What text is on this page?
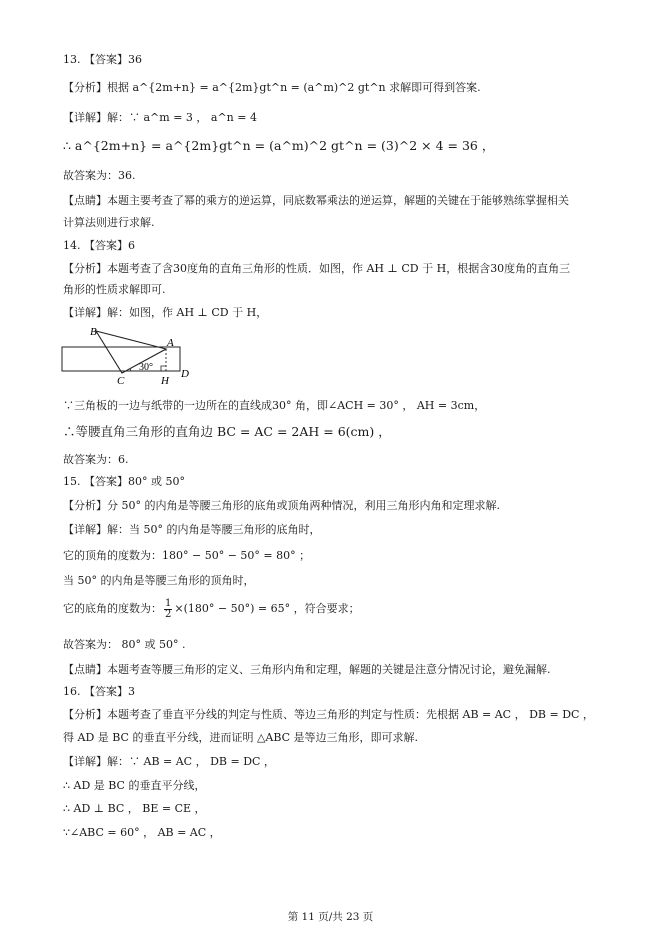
13. 【答案】36
【分析】根据 a^{2m+n} = a^{2m}gt^n = (a^m)^2 gt^n 求解即可得到答案.
【详解】解：∵ a^m = 3 ， a^n = 4
∴ a^{2m+n} = a^{2m}gt^n = (a^m)^2 gt^n = (3)^2 × 4 = 36 ，
故答案为：36.
【点睛】本题主要考查了幂的乘方的逆运算，同底数幂乘法的逆运算，解题的关键在于能够熟练掌握相关
计算法则进行求解.
14. 【答案】6
【分析】本题考查了含30度角的直角三角形的性质．如图，作 AH ⊥ CD 于 H，根据含30度角的直角三
角形的性质求解即可.
【详解】解：如图，作 AH ⊥ CD 于 H，
B
A
C	H
D
30°
∵三角板的一边与纸带的一边所在的直线成30° 角，即∠ACH = 30° ， AH = 3cm，
∴等腰直角三角形的直角边 BC = AC = 2AH = 6(cm) ，
故答案为：6.
15. 【答案】80° 或 50°
【分析】分 50° 的内角是等腰三角形的底角或顶角两种情况，利用三角形内角和定理求解.
【详解】解：当 50° 的内角是等腰三角形的底角时，
它的顶角的度数为：180° − 50° − 50° = 80° ；
当 50° 的内角是等腰三角形的顶角时，
它的底角的度数为： $\frac{1}{2} \times(180^\circ - 50^\circ) = 65^\circ$ ，符合要求；
故答案为： 80° 或 50° .
【点睛】本题考查等腰三角形的定义、三角形内角和定理，解题的关键是注意分情况讨论，避免漏解.
16. 【答案】3
【分析】本题考查了垂直平分线的判定与性质、等边三角形的判定与性质：先根据 AB = AC ， DB = DC ，
得 AD 是 BC 的垂直平分线，进而证明 △ABC 是等边三角形，即可求解.
【详解】解：∵ AB = AC ， DB = DC ，
∴ AD 是 BC 的垂直平分线，
∴ AD ⊥ BC ， BE = CE ，
∵∠ABC = 60° ， AB = AC ，
第 11 页/共 23 页
